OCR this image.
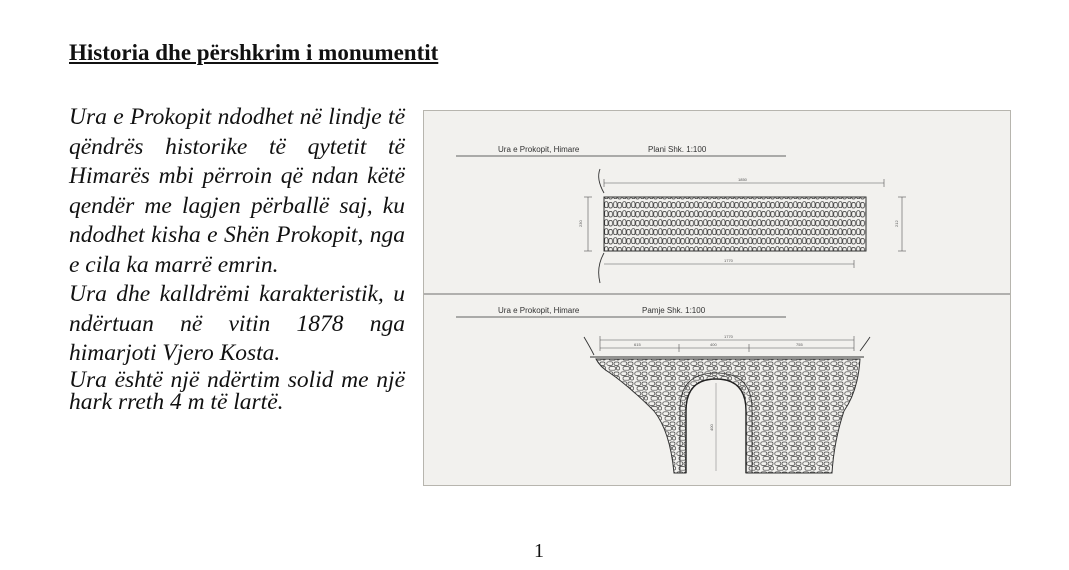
Historia dhe përshkrim i monumentit

Ura e Prokopit ndodhet në lindje të qëndrës historike të qytetit të Himarës mbi përroin që ndan këtë qendër me lagjen përballë saj, ku ndodhet kisha e Shën Prokopit, nga e cila ka marrë emrin.

Ura dhe kalldrëmi karakteristik, u ndërtuan në vitin 1878 nga himarjoti Vjero Kosta.

Ura është një ndërtim solid me një hark rreth 4 m të lartë.

Ura e Prokopit, Himare	Plani Shk. 1:100
1850
230	212
1770
Ura e Prokopit, Himare	Pamje Shk. 1:100
1770
615	400	755
400

1
